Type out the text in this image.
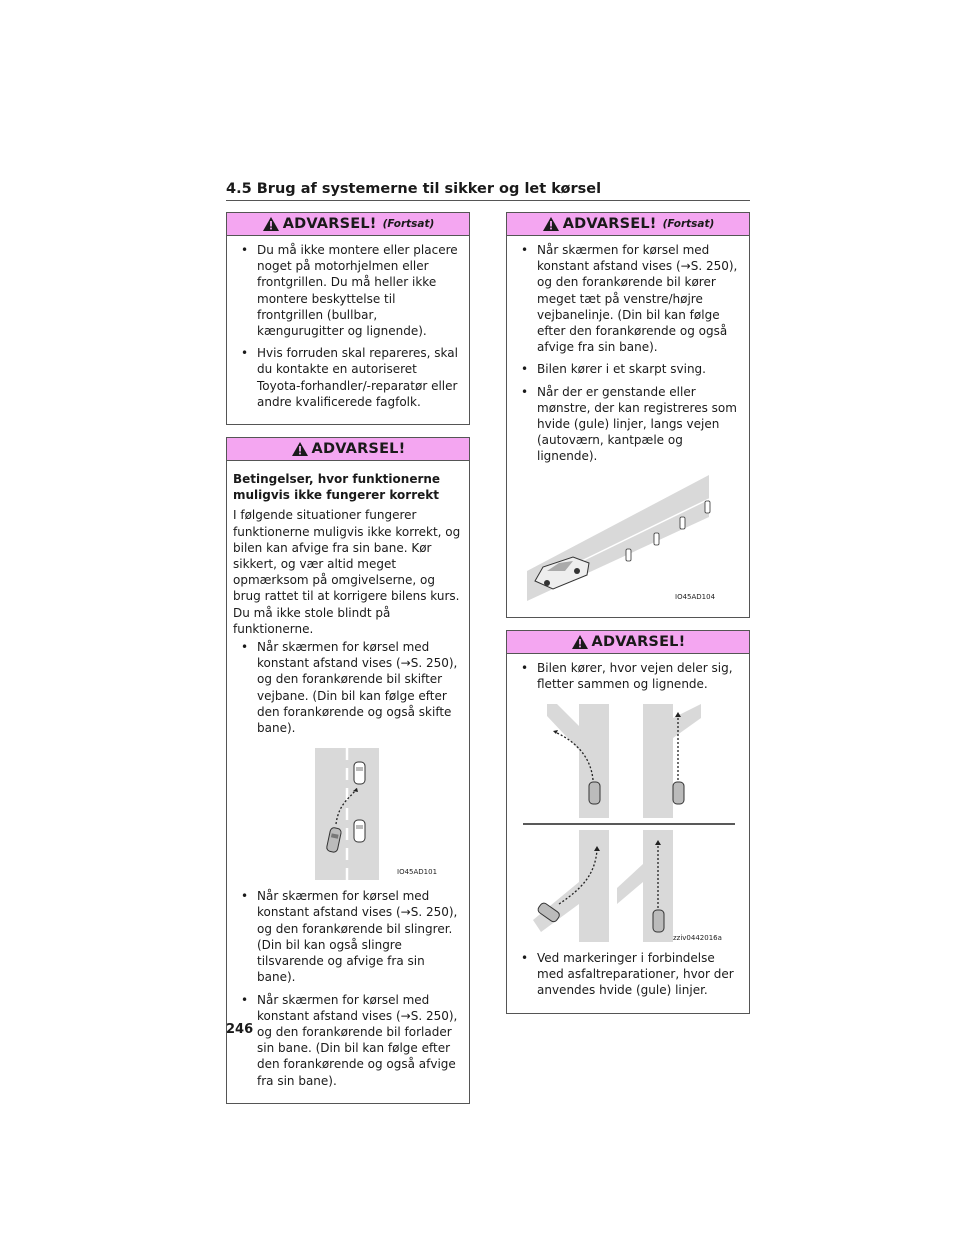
4.5 Brug af systemerne til sikker og let kørsel
ADVARSEL! (Fortsat)
• Du må ikke montere eller placere noget på motorhjelmen eller frontgrillen. Du må heller ikke montere beskyttelse til frontgrillen (bullbar, kængurugitter og lignende).
• Hvis forruden skal repareres, skal du kontakte en autoriseret Toyota-forhandler/-reparatør eller andre kvalificerede fagfolk.
ADVARSEL!
Betingelser, hvor funktionerne muligvis ikke fungerer korrekt
I følgende situationer fungerer funktionerne muligvis ikke korrekt, og bilen kan afvige fra sin bane. Kør sikkert, og vær altid meget opmærksom på omgivelserne, og brug rattet til at korrigere bilens kurs. Du må ikke stole blindt på funktionerne.
• Når skærmen for kørsel med konstant afstand vises (→S. 250), og den forankørende bil skifter vejbane. (Din bil kan følge efter den forankørende og også skifte bane).
IO45AD101
• Når skærmen for kørsel med konstant afstand vises (→S. 250), og den forankørende bil slingrer. (Din bil kan også slingre tilsvarende og afvige fra sin bane).
• Når skærmen for kørsel med konstant afstand vises (→S. 250), og den forankørende bil forlader sin bane. (Din bil kan følge efter den forankørende og også afvige fra sin bane).
ADVARSEL! (Fortsat)
• Når skærmen for kørsel med konstant afstand vises (→S. 250), og den forankørende bil kører meget tæt på venstre/højre vejbanelinje. (Din bil kan følge efter den forankørende og også afvige fra sin bane).
• Bilen kører i et skarpt sving.
• Når der er genstande eller mønstre, der kan registreres som hvide (gule) linjer, langs vejen (autoværn, kantpæle og lignende).
IO45AD104
ADVARSEL!
• Bilen kører, hvor vejen deler sig, fletter sammen og lignende.
zziv0442016a
• Ved markeringer i forbindelse med asfaltreparationer, hvor der anvendes hvide (gule) linjer.
246
